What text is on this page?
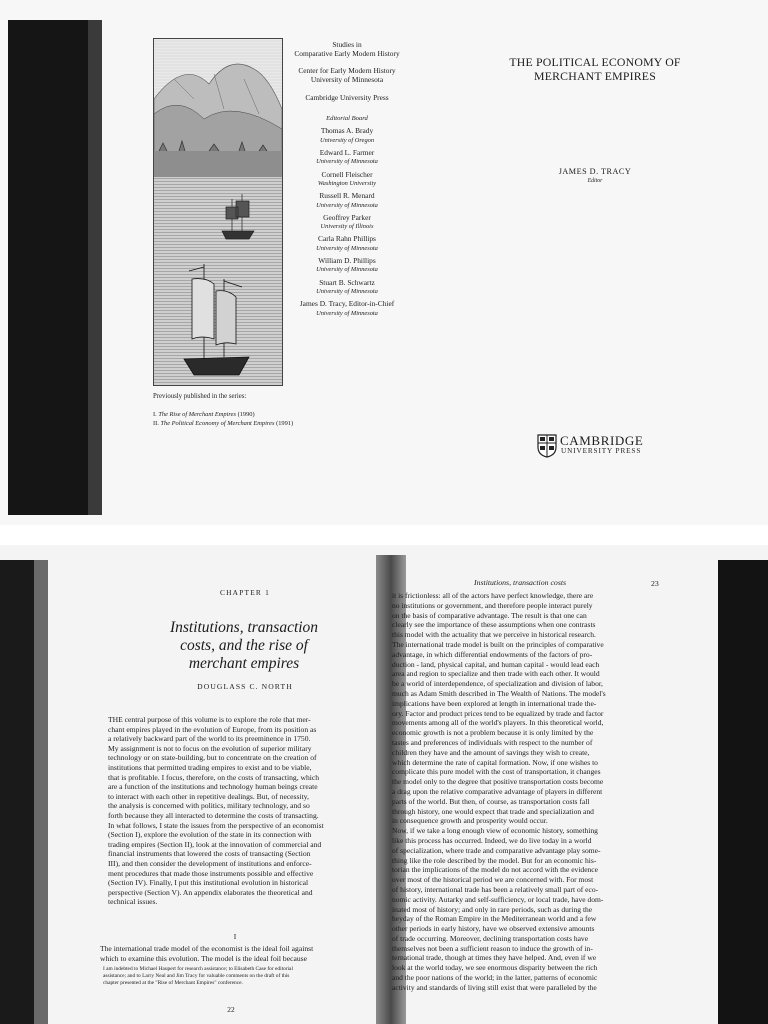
Studies in
Comparative Early Modern History
Center for Early Modern History
University of Minnesota
Cambridge University Press
Editorial Board
Thomas A. Brady
University of Oregon
Edward L. Farmer
University of Minnesota
Cornell Fleischer
Washington University
Russell R. Menard
University of Minnesota
Geoffrey Parker
University of Illinois
Carla Rahn Phillips
University of Minnesota
William D. Phillips
University of Minnesota
Stuart B. Schwartz
University of Minnesota
James D. Tracy, Editor-in-Chief
University of Minnesota
Previously published in the series:
I. The Rise of Merchant Empires (1990)
II. The Political Economy of Merchant Empires (1991)
THE POLITICAL ECONOMY OF
MERCHANT EMPIRES
JAMES D. TRACY
Editor
CAMBRIDGE
UNIVERSITY PRESS
CHAPTER 1
Institutions, transaction
costs, and the rise of
merchant empires
DOUGLASS C. NORTH
THE central purpose of this volume is to explore the role that mer-
chant empires played in the evolution of Europe, from its position as
a relatively backward part of the world to its preeminence in 1750.
My assignment is not to focus on the evolution of superior military
technology or on state-building, but to concentrate on the creation of
institutions that permitted trading empires to exist and to be viable,
that is profitable. I focus, therefore, on the costs of transacting, which
are a function of the institutions and technology human beings create
to interact with each other in repetitive dealings. But, of necessity,
the analysis is concerned with politics, military technology, and so
forth because they all interacted to determine the costs of transacting.
In what follows, I state the issues from the perspective of an economist
(Section I), explore the evolution of the state in its connection with
trading empires (Section II), look at the innovation of commercial and
financial instruments that lowered the costs of transacting (Section
III), and then consider the development of institutions and enforce-
ment procedures that made those instruments possible and effective
(Section IV). Finally, I put this institutional evolution in historical
perspective (Section V). An appendix elaborates the theoretical and
technical issues.
I
The international trade model of the economist is the ideal foil against
which to examine this evolution. The model is the ideal foil because
I am indebted to Michael Haupert for research assistance; to Elisabeth Case for editorial
assistance; and to Larry Neal and Jim Tracy for valuable comments on the draft of this
chapter presented at the "Rise of Merchant Empires" conference.
22
Institutions, transaction costs	23
it is frictionless: all of the actors have perfect knowledge, there are
no institutions or government, and therefore people interact purely
on the basis of comparative advantage. The result is that one can
clearly see the importance of these assumptions when one contrasts
this model with the actuality that we perceive in historical research.
The international trade model is built on the principles of comparative
advantage, in which differential endowments of the factors of pro-
duction - land, physical capital, and human capital - would lead each
area and region to specialize and then trade with each other. It would
be a world of interdependence, of specialization and division of labor,
much as Adam Smith described in The Wealth of Nations. The model's
implications have been explored at length in international trade the-
ory. Factor and product prices tend to be equalized by trade and factor
movements among all of the world's players. In this theoretical world,
economic growth is not a problem because it is only limited by the
tastes and preferences of individuals with respect to the number of
children they have and the amount of savings they wish to create,
which determine the rate of capital formation. Now, if one wishes to
complicate this pure model with the cost of transportation, it changes
the model only to the degree that positive transportation costs become
a drag upon the relative comparative advantage of players in different
parts of the world. But then, of course, as transportation costs fall
through history, one would expect that trade and specialization and
in consequence growth and prosperity would occur.
Now, if we take a long enough view of economic history, something
like this process has occurred. Indeed, we do live today in a world
of specialization, where trade and comparative advantage play some-
thing like the role described by the model. But for an economic his-
torian the implications of the model do not accord with the evidence
over most of the historical period we are concerned with. For most
of history, international trade has been a relatively small part of eco-
nomic activity. Autarky and self-sufficiency, or local trade, have dom-
inated most of history; and only in rare periods, such as during the
heyday of the Roman Empire in the Mediterranean world and a few
other periods in early history, have we observed extensive amounts
of trade occurring. Moreover, declining transportation costs have
themselves not been a sufficient reason to induce the growth of in-
ternational trade, though at times they have helped. And, even if we
look at the world today, we see enormous disparity between the rich
and the poor nations of the world; in the latter, patterns of economic
activity and standards of living still exist that were paralleled by the
